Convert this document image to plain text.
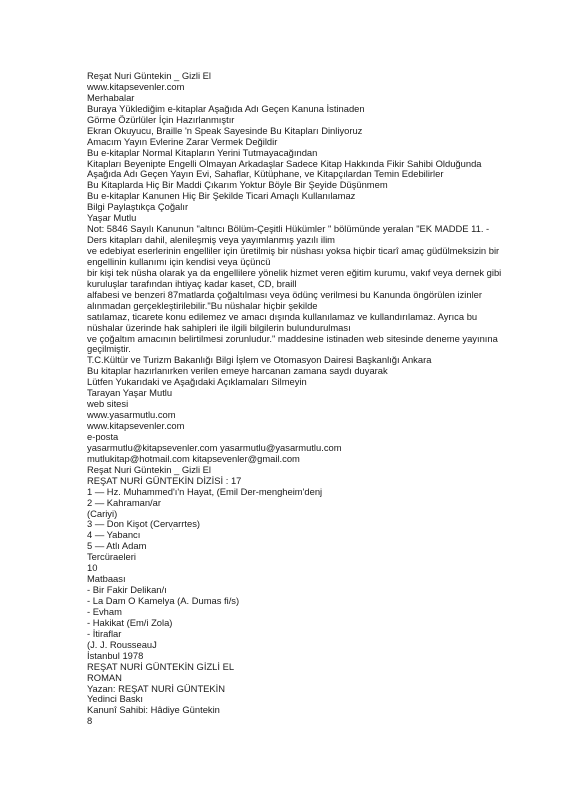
Reşat Nuri Güntekin _ Gizli El
www.kitapsevenler.com
Merhabalar
Buraya Yüklediğim e-kitaplar Aşağıda Adı Geçen Kanuna İstinaden
Görme Özürlüler İçin Hazırlanmıştır
Ekran Okuyucu, Braille 'n Speak Sayesinde Bu Kitapları Dinliyoruz
Amacım Yayın Evlerine Zarar Vermek Değildir
Bu e-kitaplar Normal Kitapların Yerini Tutmayacağından
Kitapları Beyenipte Engelli Olmayan Arkadaşlar Sadece Kitap Hakkında Fikir Sahibi Olduğunda
Aşağıda Adı Geçen Yayın Evi, Sahaflar, Kütüphane, ve Kitapçılardan Temin Edebilirler
Bu Kitaplarda Hiç Bir Maddi Çıkarım Yoktur Böyle Bir Şeyide Düşünmem
Bu e-kitaplar Kanunen Hiç Bir Şekilde Ticari Amaçlı Kullanılamaz
Bilgi Paylaştıkça Çoğalır
Yaşar Mutlu
Not: 5846 Sayılı Kanunun "altıncı Bölüm-Çeşitli Hükümler " bölümünde yeralan "EK MADDE 11. -
Ders kitapları dahil, alenileşmiş veya yayımlanmış yazılı ilim
ve edebiyat eserlerinin engelliler için üretilmiş bir nüshası yoksa hiçbir ticarî amaç güdülmeksizin bir
engellinin kullanımı için kendisi veya üçüncü
bir kişi tek nüsha olarak ya da engellilere yönelik hizmet veren eğitim kurumu, vakıf veya dernek gibi
kuruluşlar tarafından ihtiyaç kadar kaset, CD, braill
alfabesi ve benzeri 87matlarda çoğaltılması veya ödünç verilmesi bu Kanunda öngörülen izinler
alınmadan gerçekleştirilebilir."Bu nüshalar hiçbir şekilde
satılamaz, ticarete konu edilemez ve amacı dışında kullanılamaz ve kullandırılamaz. Ayrıca bu
nüshalar üzerinde hak sahipleri ile ilgili bilgilerin bulundurulması
ve çoğaltım amacının belirtilmesi zorunludur." maddesine istinaden web sitesinde deneme yayınına
geçilmiştir.
T.C.Kültür ve Turizm Bakanlığı Bilgi İşlem ve Otomasyon Dairesi Başkanlığı Ankara
Bu kitaplar hazırlanırken verilen emeye harcanan zamana saydı duyarak
Lütfen Yukarıdaki ve Aşağıdaki Açıklamaları Silmeyin
Tarayan Yaşar Mutlu
web sitesi
www.yasarmutlu.com
www.kitapsevenler.com
e-posta
yasarmutlu@kitapsevenler.com yasarmutlu@yasarmutlu.com
mutlukitap@hotmail.com kitapsevenler@gmail.com
Reşat Nuri Güntekin _ Gizli El
REŞAT NURİ GÜNTEKİN DİZİSİ : 17
1 — Hz. Muhammed'ı'n Hayat, (Emil Der-mengheim'denj
2 — Kahraman/ar
(Cariyi)
3 — Don Kişot (Cervarrtes)
4 — Yabancı
5 — Atlı Adam
Tercüraeleri
10
Matbaası
- Bir Fakir Delikan/ı
- La Dam O Kamelya (A. Dumas fi/s)
- Evham
- Hakikat (Em/i Zola)
- İtiraflar
(J. J. RousseauJ
İstanbul 1978
REŞAT NURİ GÜNTEKİN GİZLİ EL
ROMAN
Yazan: REŞAT NURİ GÜNTEKİN
Yedinci Baskı
Kanunî Sahibi: Hâdiye Güntekin
8
'
